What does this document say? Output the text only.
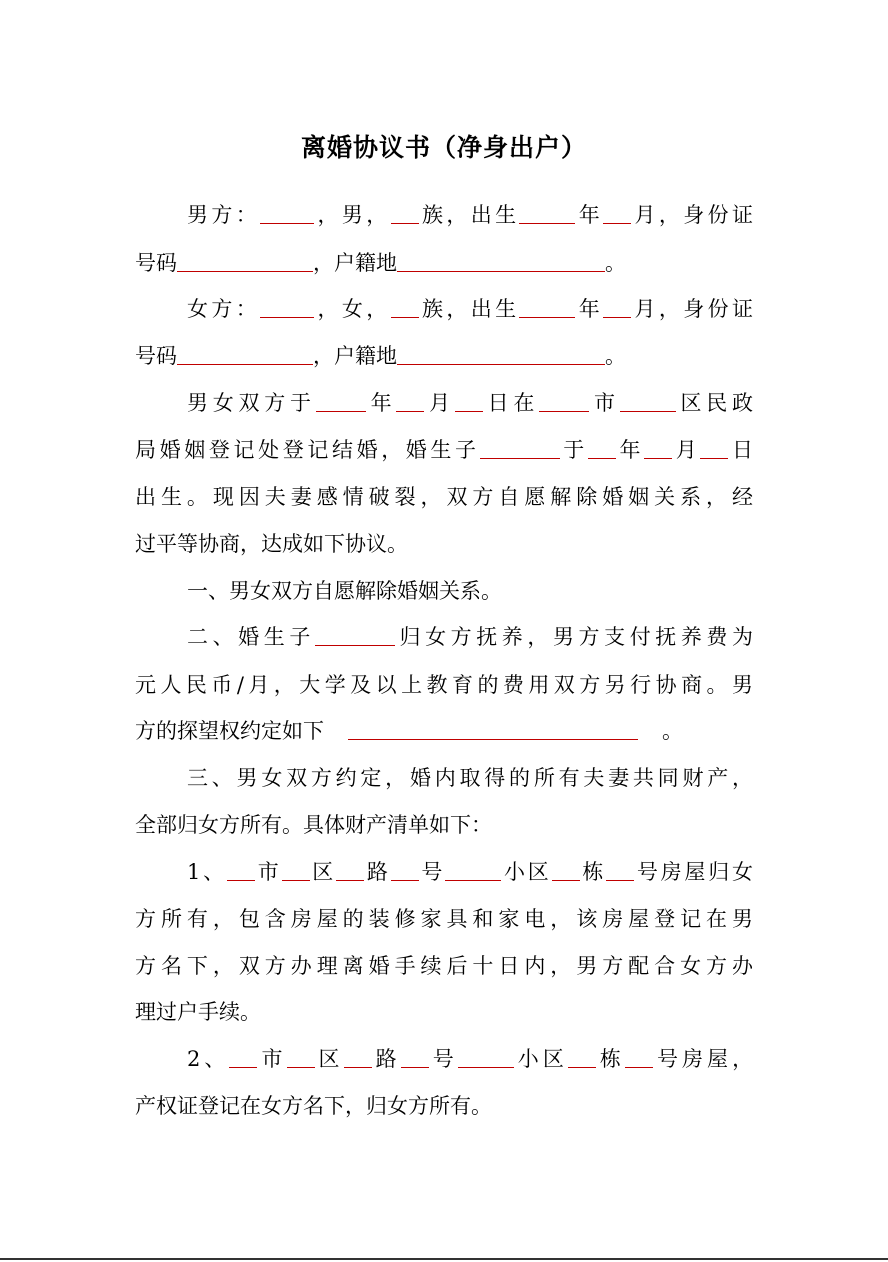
离婚协议书（净身出户）
男方：	，男， 族，出生	年 月，身份证
号码	，户籍地	。
女方：	，女， 族，出生	年 月，身份证
号码	，户籍地	。
男女双方于 年 月 日在 市	区民政
局婚姻登记处登记结婚，婚生子	于 年 月 日
出生。现因夫妻感情破裂，双方自愿解除婚姻关系，经
过平等协商，达成如下协议。
一、男女双方自愿解除婚姻关系。
二、婚生子	归女方抚养，男方支付抚养费为
元人民币/月，大学及以上教育的费用双方另行协商。男
方的探望权约定如下	。
三、男女双方约定，婚内取得的所有夫妻共同财产，
全部归女方所有。具体财产清单如下：
1、 市 区 路 号	小区 栋 号房屋归女
方所有，包含房屋的装修家具和家电，该房屋登记在男
方名下，双方办理离婚手续后十日内，男方配合女方办
理过户手续。
2、 市 区 路 号	小区 栋 号房屋，
产权证登记在女方名下，归女方所有。
